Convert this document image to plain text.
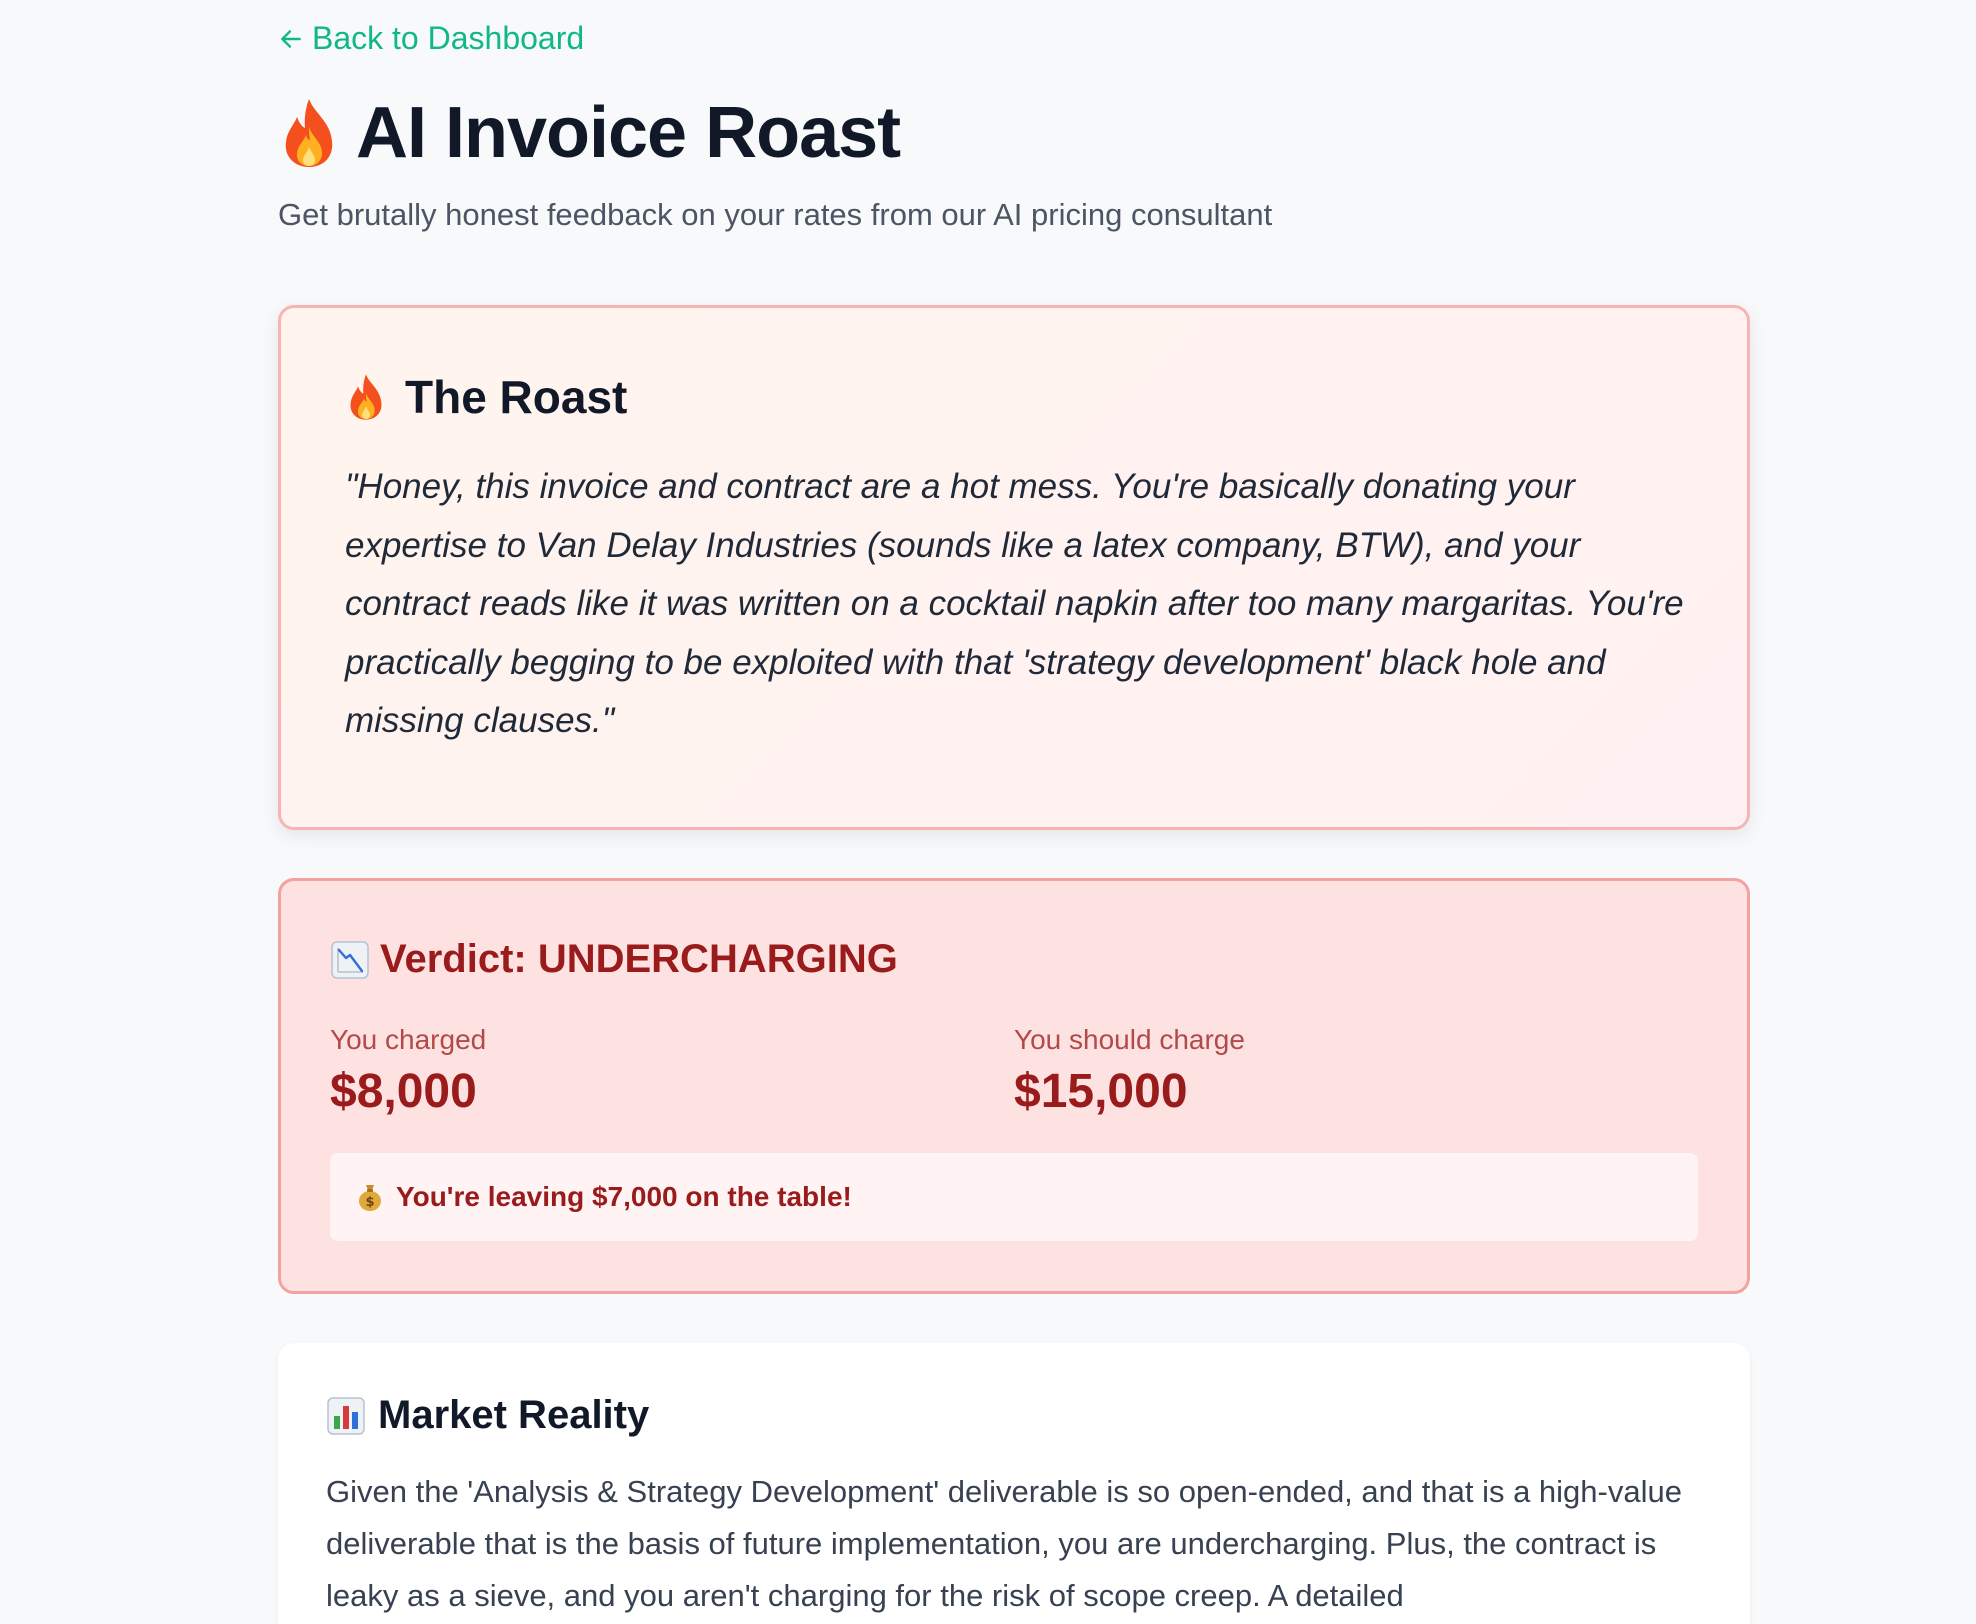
Back to Dashboard
AI Invoice Roast

Get brutally honest feedback on your rates from our AI pricing consultant

The Roast

"Honey, this invoice and contract are a hot mess. You're basically donating your expertise to Van Delay Industries (sounds like a latex company, BTW), and your contract reads like it was written on a cocktail napkin after too many margaritas. You're practically begging to be exploited with that 'strategy development' black hole and missing clauses."

Verdict: UNDERCHARGING
You charged
$8,000
You should charge
$15,000
$ You're leaving $7,000 on the table!
Market Reality

Given the 'Analysis & Strategy Development' deliverable is so open-ended, and that is a high-value deliverable that is the basis of future implementation, you are undercharging. Plus, the contract is leaky as a sieve, and you aren't charging for the risk of scope creep. A detailed
